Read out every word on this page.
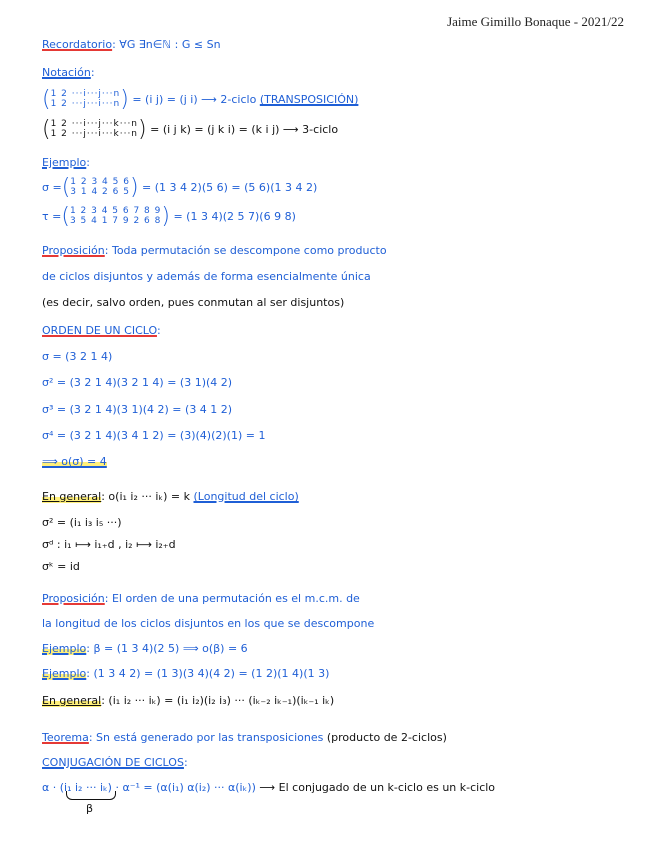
Jaime Gimillo Bonaque - 2021/22
Recordatorio: ∀G ∃n∈ℕ : G ≤ Sn
Notación:
(1 2 ···i···j···n
1 2 ···j···i···n) = (i j) = (j i) ⟶ 2-ciclo (TRANSPOSICIÓN)
(1 2 ···i···j···k···n
1 2 ···j···i···k···n) = (i j k) = (j k i) = (k i j) ⟶ 3-ciclo
Ejemplo:
σ =(1 2 3 4 5 6
3 1 4 2 6 5) = (1 3 4 2)(5 6) = (5 6)(1 3 4 2)
τ =(1 2 3 4 5 6 7 8 9
3 5 4 1 7 9 2 6 8) = (1 3 4)(2 5 7)(6 9 8)
Proposición: Toda permutación se descompone como producto
de ciclos disjuntos y además de forma esencialmente única
(es decir, salvo orden, pues conmutan al ser disjuntos)
ORDEN DE UN CICLO:
σ = (3 2 1 4)
σ² = (3 2 1 4)(3 2 1 4) = (3 1)(4 2)
σ³ = (3 2 1 4)(3 1)(4 2) = (3 4 1 2)
σ⁴ = (3 2 1 4)(3 4 1 2) = (3)(4)(2)(1) = 1
⟹ o(σ) = 4
En general: o(i₁ i₂ ··· iₖ) = k (Longitud del ciclo)
σ² = (i₁ i₃ i₅ ···)
σᵈ : i₁ ⟼ i₁₊d , i₂ ⟼ i₂₊d
σᵏ = id
Proposición: El orden de una permutación es el m.c.m. de
la longitud de los ciclos disjuntos en los que se descompone
Ejemplo: β = (1 3 4)(2 5) ⟹ o(β) = 6
Ejemplo: (1 3 4 2) = (1 3)(3 4)(4 2) = (1 2)(1 4)(1 3)
En general: (i₁ i₂ ··· iₖ) = (i₁ i₂)(i₂ i₃) ··· (iₖ₋₂ iₖ₋₁)(iₖ₋₁ iₖ)
Teorema: Sn está generado por las transposiciones (producto de 2-ciclos)
CONJUGACIÓN DE CICLOS:
α · (i₁ i₂ ··· iₖ) · α⁻¹ = (α(i₁) α(i₂) ··· α(iₖ)) ⟶ El conjugado de un k-ciclo es un k-ciclo
β
